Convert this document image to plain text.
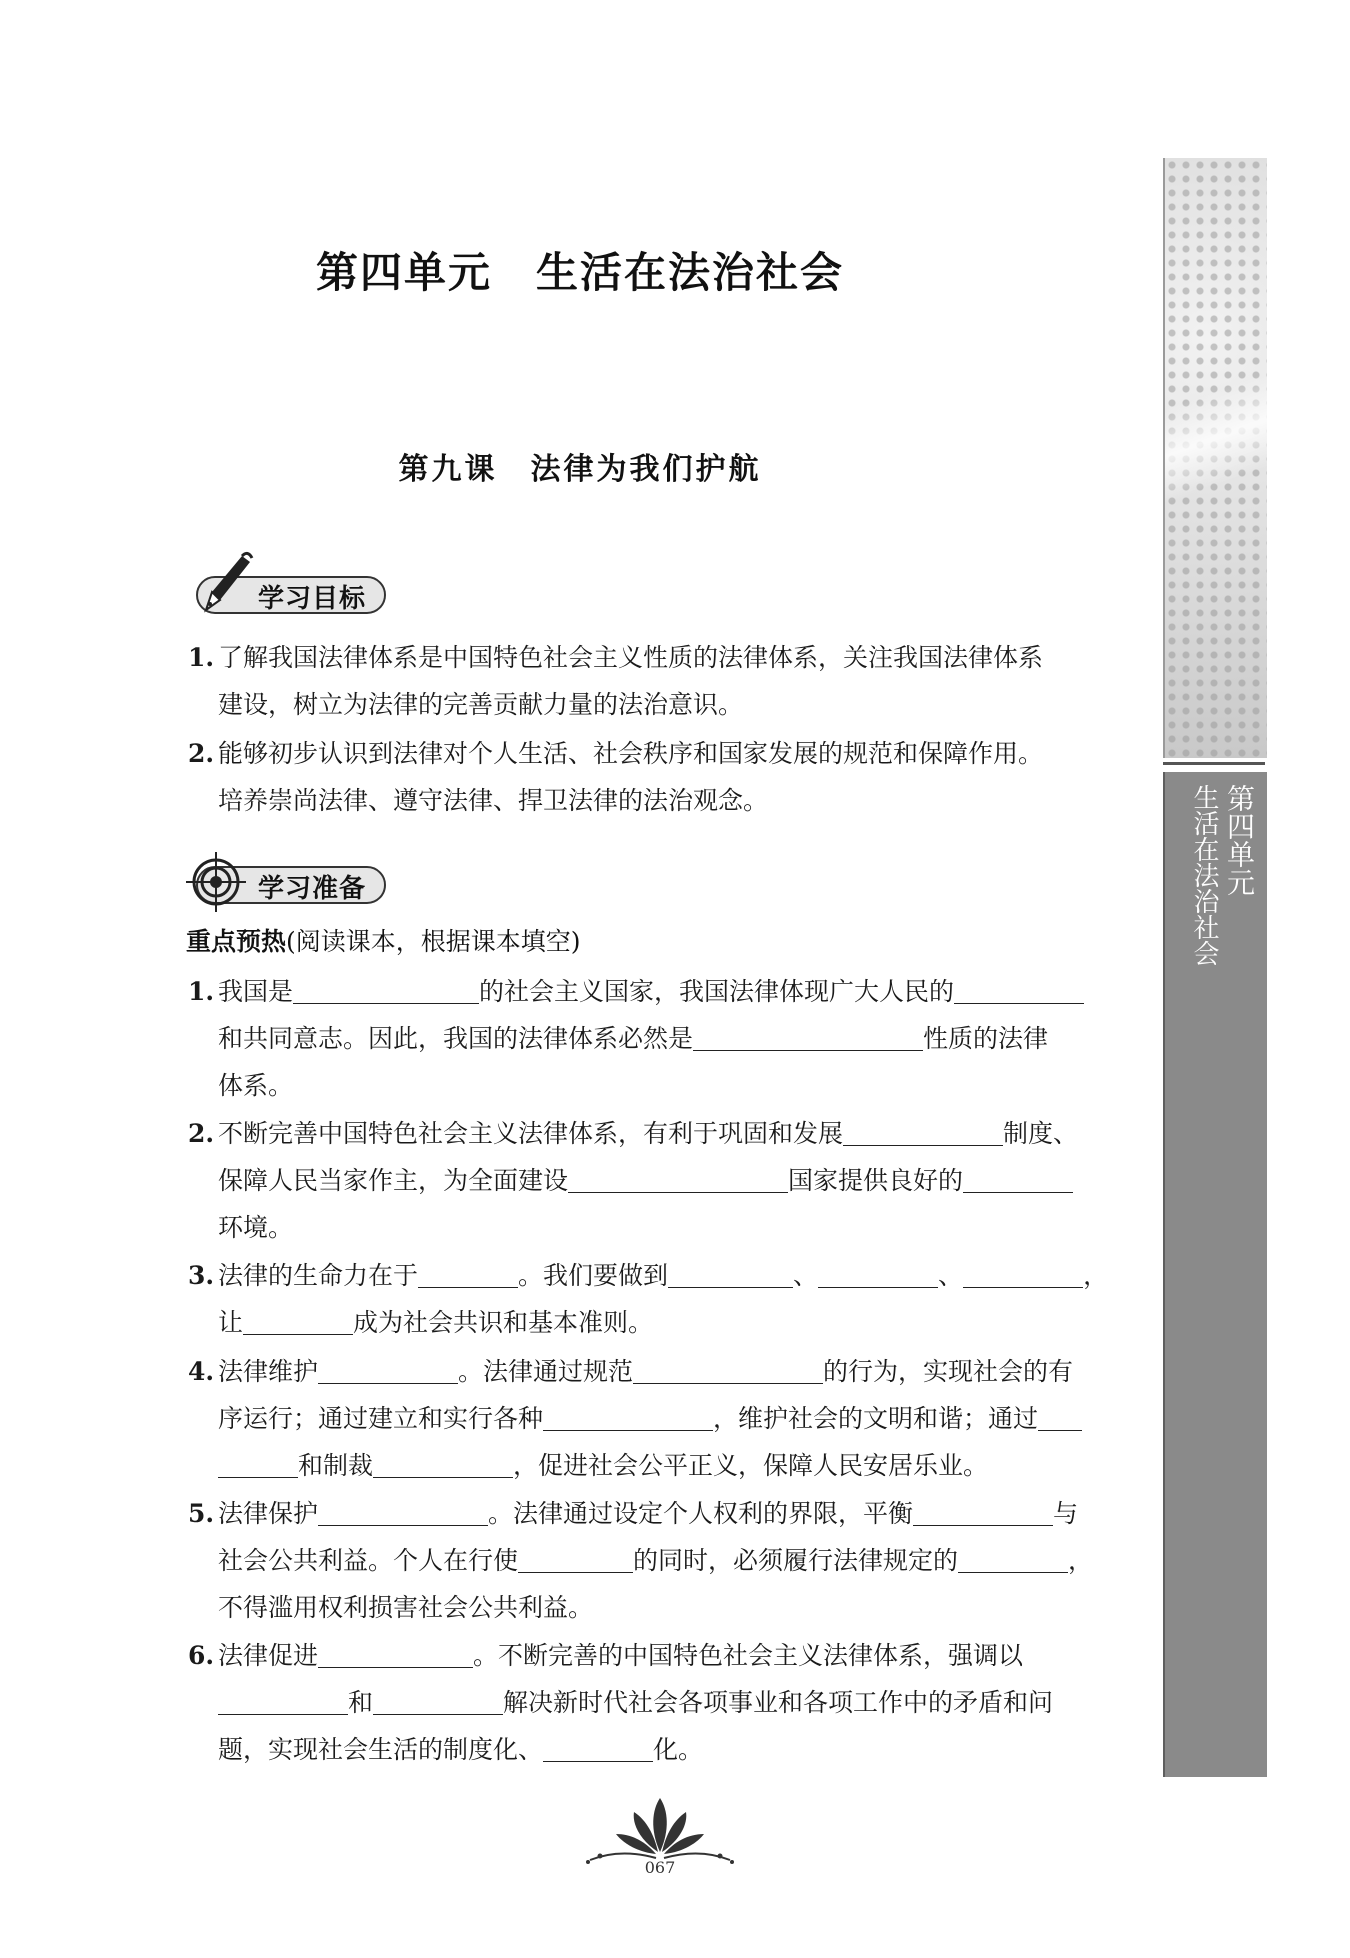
第四单元
生活在法治社会
第四单元　生活在法治社会
第九课　法律为我们护航
学习目标
1. 了解我国法律体系是中国特色社会主义性质的法律体系，关注我国法律体系
建设，树立为法律的完善贡献力量的法治意识。
2. 能够初步认识到法律对个人生活、社会秩序和国家发展的规范和保障作用。
培养崇尚法律、遵守法律、捍卫法律的法治观念。
学习准备
重点预热(阅读课本，根据课本填空)
1. 我国是	的社会主义国家，我国法律体现广大人民的
和共同意志。因此，我国的法律体系必然是	性质的法律
体系。
2. 不断完善中国特色社会主义法律体系，有利于巩固和发展	制度、
保障人民当家作主，为全面建设	国家提供良好的
环境。
3. 法律的生命力在于	。我们要做到	、	、	，
让	成为社会共识和基本准则。
4. 法律维护	。法律通过规范	的行为，实现社会的有
序运行；通过建立和实行各种	，维护社会的文明和谐；通过
和制裁	，促进社会公平正义，保障人民安居乐业。
5. 法律保护	。法律通过设定个人权利的界限，平衡	与
社会公共利益。个人在行使	的同时，必须履行法律规定的	，
不得滥用权利损害社会公共利益。
6. 法律促进	。不断完善的中国特色社会主义法律体系，强调以
和	解决新时代社会各项事业和各项工作中的矛盾和问
题，实现社会生活的制度化、	化。
067
